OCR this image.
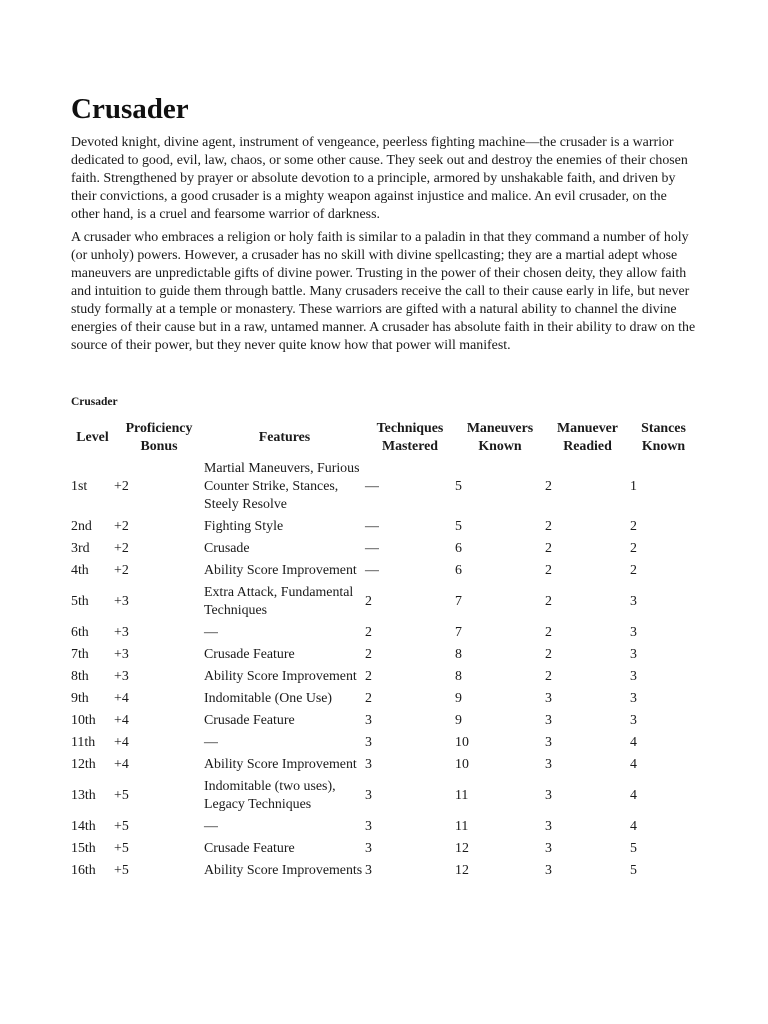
Crusader

Devoted knight, divine agent, instrument of vengeance, peerless fighting machine—the crusader is a warrior dedicated to good, evil, law, chaos, or some other cause. They seek out and destroy the enemies of their chosen faith. Strengthened by prayer or absolute devotion to a principle, armored by unshakable faith, and driven by their convictions, a good crusader is a mighty weapon against injustice and malice. An evil crusader, on the other hand, is a cruel and fearsome warrior of darkness.

A crusader who embraces a religion or holy faith is similar to a paladin in that they command a number of holy (or unholy) powers. However, a crusader has no skill with divine spellcasting; they are a martial adept whose maneuvers are unpredictable gifts of divine power. Trusting in the power of their chosen deity, they allow faith and intuition to guide them through battle. Many crusaders receive the call to their cause early in life, but never study formally at a temple or monastery. These warriors are gifted with a natural ability to channel the divine energies of their cause but in a raw, untamed manner. A crusader has absolute faith in their ability to draw on the source of their power, but they never quite know how that power will manifest.

Crusader

Level	Proficiency Bonus	Features	Techniques Mastered	Maneuvers Known	Manuever Readied	Stances Known
1st	+2	Martial Maneuvers, Furious Counter Strike, Stances, Steely Resolve	—	5	2	1
2nd	+2	Fighting Style	—	5	2	2
3rd	+2	Crusade	—	6	2	2
4th	+2	Ability Score Improvement	—	6	2	2
5th	+3	Extra Attack, Fundamental Techniques	2	7	2	3
6th	+3	—	2	7	2	3
7th	+3	Crusade Feature	2	8	2	3
8th	+3	Ability Score Improvement	2	8	2	3
9th	+4	Indomitable (One Use)	2	9	3	3
10th	+4	Crusade Feature	3	9	3	3
11th	+4	—	3	10	3	4
12th	+4	Ability Score Improvement	3	10	3	4
13th	+5	Indomitable (two uses), Legacy Techniques	3	11	3	4
14th	+5	—	3	11	3	4
15th	+5	Crusade Feature	3	12	3	5
16th	+5	Ability Score Improvements	3	12	3	5
